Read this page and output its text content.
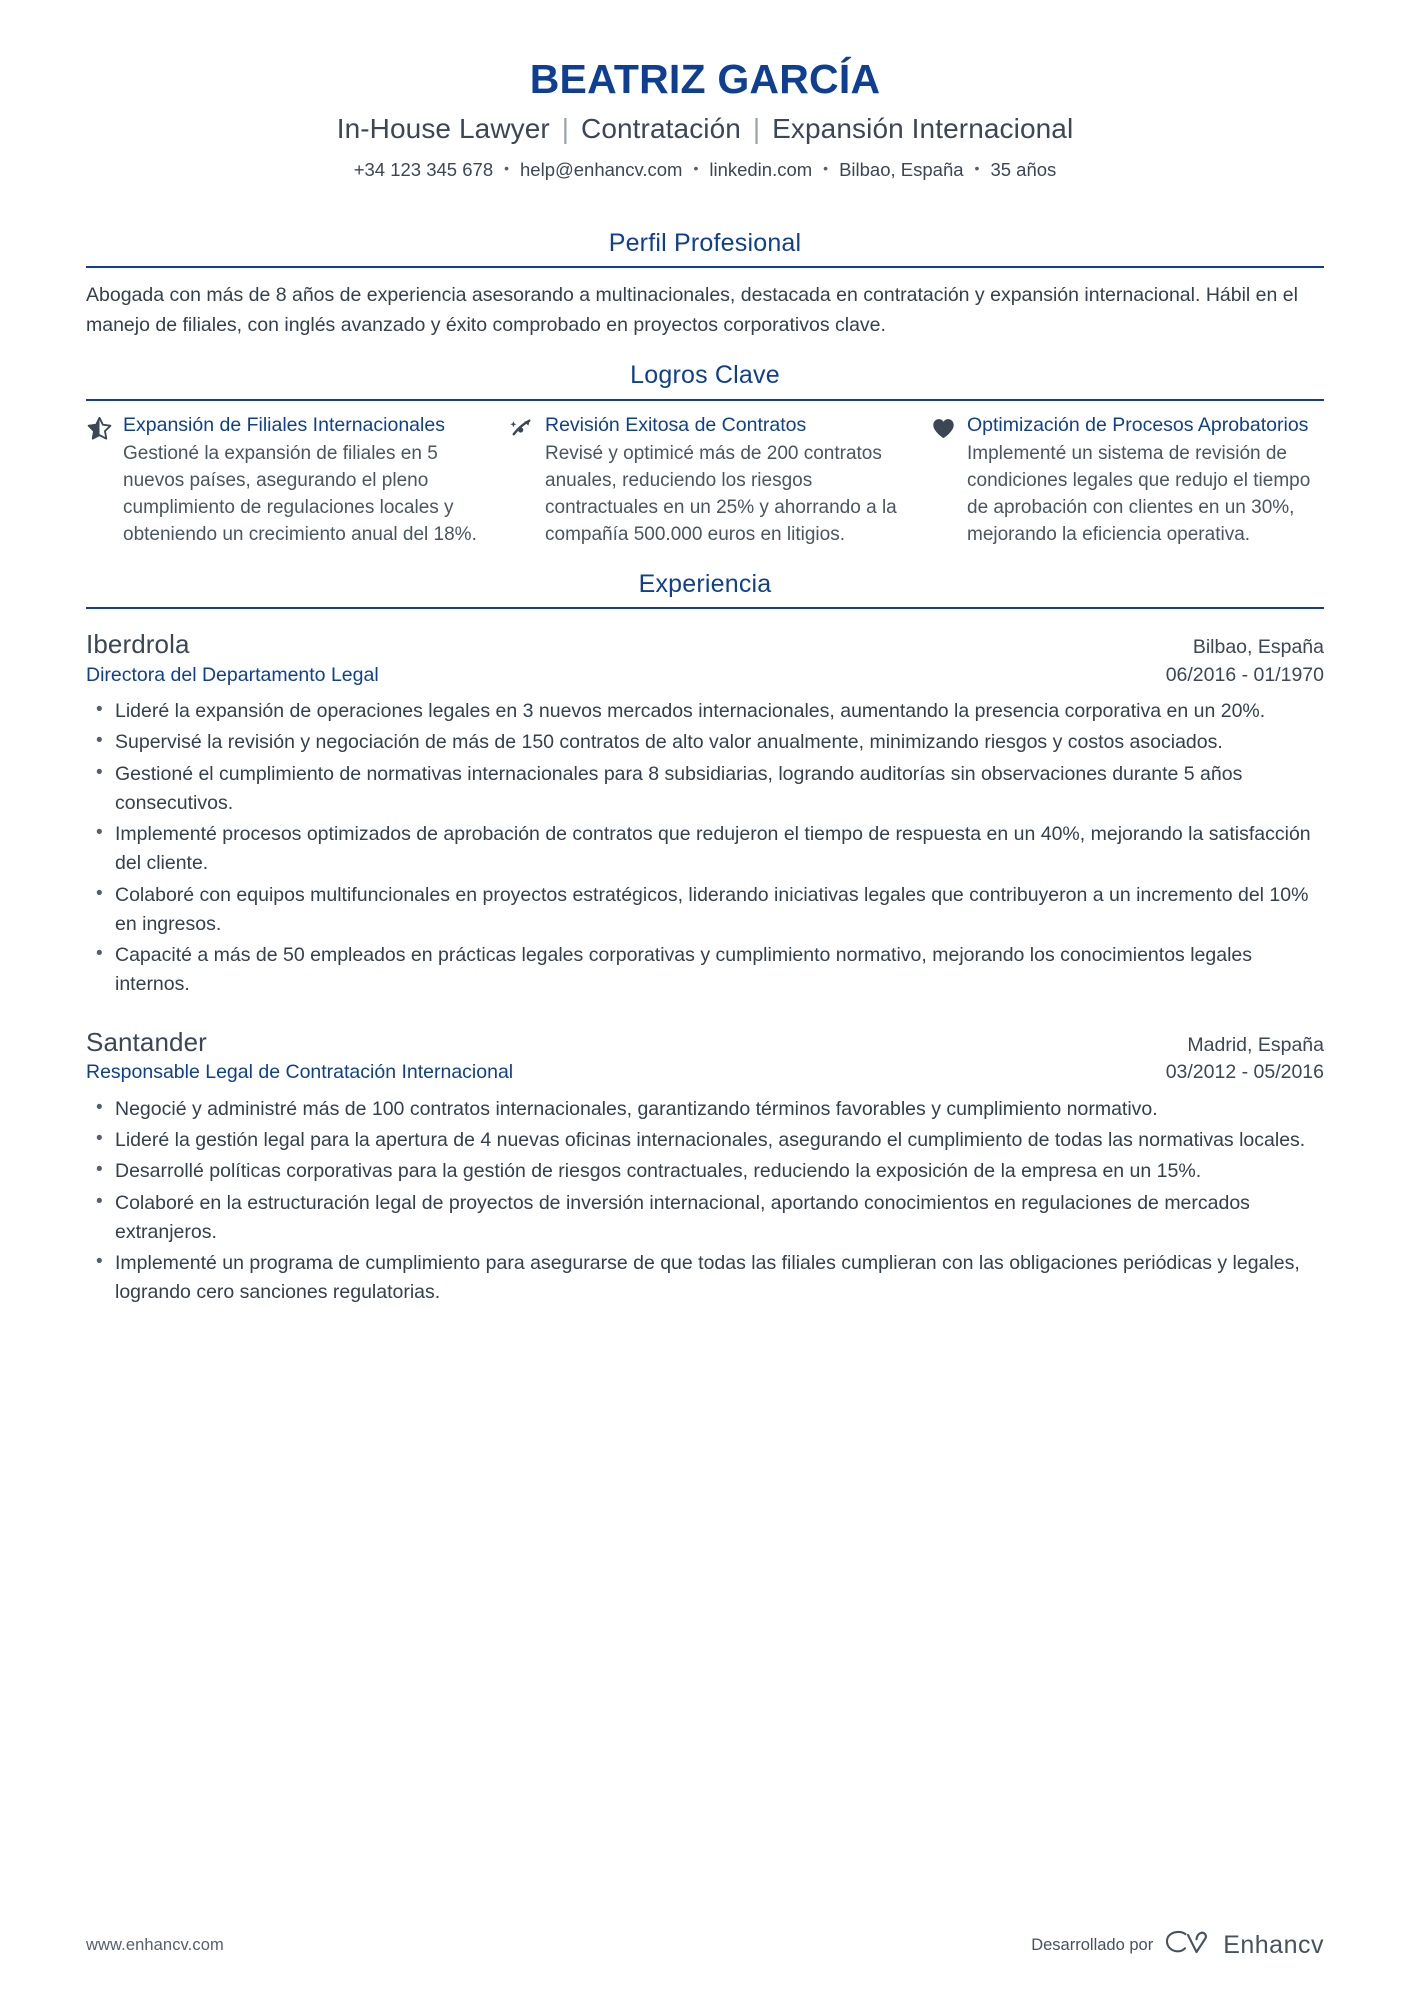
BEATRIZ GARCÍA
In-House Lawyer | Contratación | Expansión Internacional
+34 123 345 678 • help@enhancv.com • linkedin.com • Bilbao, España • 35 años
Perfil Profesional

Abogada con más de 8 años de experiencia asesorando a multinacionales, destacada en contratación y expansión internacional. Hábil en el manejo de filiales, con inglés avanzado y éxito comprobado en proyectos corporativos clave.

Logros Clave
Expansión de Filiales Internacionales
Gestioné la expansión de filiales en 5 nuevos países, asegurando el pleno cumplimiento de regulaciones locales y obteniendo un crecimiento anual del 18%.
Revisión Exitosa de Contratos
Revisé y optimicé más de 200 contratos anuales, reduciendo los riesgos contractuales en un 25% y ahorrando a la compañía 500.000 euros en litigios.
Optimización de Procesos Aprobatorios
Implementé un sistema de revisión de condiciones legales que redujo el tiempo de aprobación con clientes en un 30%, mejorando la eficiencia operativa.
Experiencia
Iberdrola	Bilbao, España
Directora del Departamento Legal	06/2016 - 01/1970
• Lideré la expansión de operaciones legales en 3 nuevos mercados internacionales, aumentando la presencia corporativa en un 20%.
• Supervisé la revisión y negociación de más de 150 contratos de alto valor anualmente, minimizando riesgos y costos asociados.
• Gestioné el cumplimiento de normativas internacionales para 8 subsidiarias, logrando auditorías sin observaciones durante 5 años consecutivos.
• Implementé procesos optimizados de aprobación de contratos que redujeron el tiempo de respuesta en un 40%, mejorando la satisfacción del cliente.
• Colaboré con equipos multifuncionales en proyectos estratégicos, liderando iniciativas legales que contribuyeron a un incremento del 10% en ingresos.
• Capacité a más de 50 empleados en prácticas legales corporativas y cumplimiento normativo, mejorando los conocimientos legales internos.
Santander	Madrid, España
Responsable Legal de Contratación Internacional	03/2012 - 05/2016
• Negocié y administré más de 100 contratos internacionales, garantizando términos favorables y cumplimiento normativo.
• Lideré la gestión legal para la apertura de 4 nuevas oficinas internacionales, asegurando el cumplimiento de todas las normativas locales.
• Desarrollé políticas corporativas para la gestión de riesgos contractuales, reduciendo la exposición de la empresa en un 15%.
• Colaboré en la estructuración legal de proyectos de inversión internacional, aportando conocimientos en regulaciones de mercados extranjeros.
• Implementé un programa de cumplimiento para asegurarse de que todas las filiales cumplieran con las obligaciones periódicas y legales, logrando cero sanciones regulatorias.
www.enhancv.com	Desarrollado por	Enhancv
